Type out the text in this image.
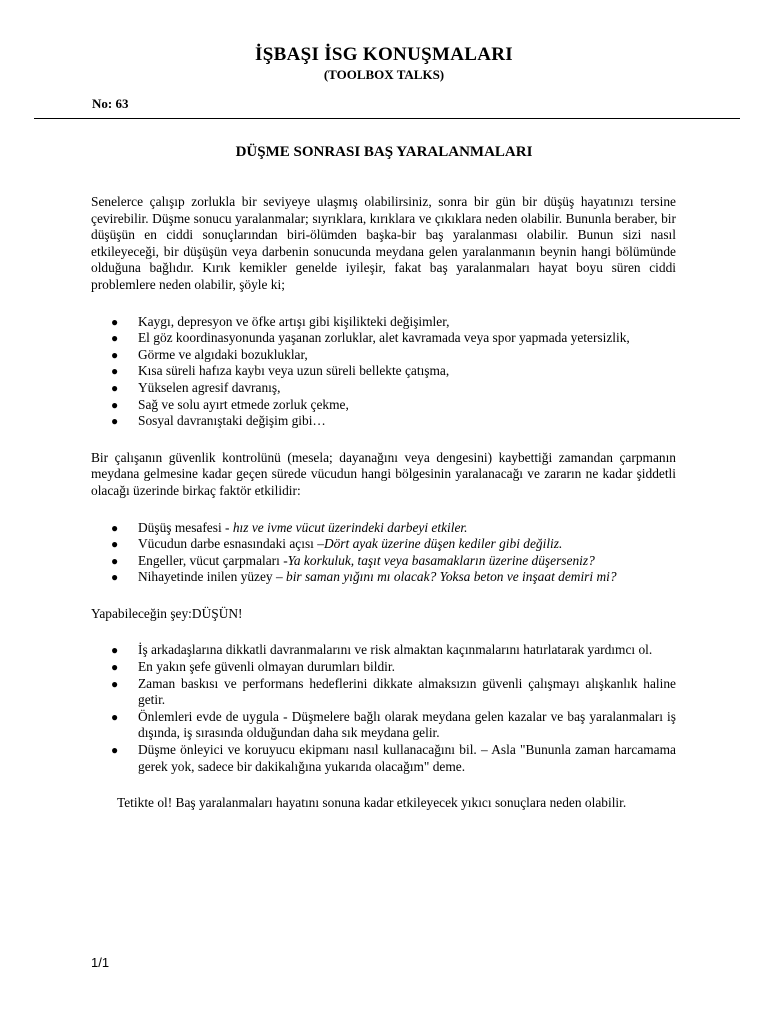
İŞBAŞI İSG KONUŞMALARI
(TOOLBOX TALKS)
No: 63
DÜŞME SONRASI BAŞ YARALANMALARI

Senelerce çalışıp zorlukla bir seviyeye ulaşmış olabilirsiniz, sonra bir gün bir düşüş hayatınızı tersine çevirebilir. Düşme sonucu yaralanmalar; sıyrıklara, kırıklara ve çıkıklara neden olabilir. Bununla beraber, bir düşüşün en ciddi sonuçlarından biri-ölümden başka-bir baş yaralanması olabilir. Bunun sizi nasıl etkileyeceği, bir düşüşün veya darbenin sonucunda meydana gelen yaralanmanın beynin hangi bölümünde olduğuna bağlıdır. Kırık kemikler genelde iyileşir, fakat baş yaralanmaları hayat boyu süren ciddi problemlere neden olabilir, şöyle ki;

● Kaygı, depresyon ve öfke artışı gibi kişilikteki değişimler,
● El göz koordinasyonunda yaşanan zorluklar, alet kavramada veya spor yapmada yetersizlik,
● Görme ve algıdaki bozukluklar,
● Kısa süreli hafıza kaybı veya uzun süreli bellekte çatışma,
● Yükselen agresif davranış,
● Sağ ve solu ayırt etmede zorluk çekme,
● Sosyal davranıştaki değişim gibi…

Bir çalışanın güvenlik kontrolünü (mesela; dayanağını veya dengesini) kaybettiği zamandan çarpmanın meydana gelmesine kadar geçen sürede vücudun hangi bölgesinin yaralanacağı ve zararın ne kadar şiddetli olacağı üzerinde birkaç faktör etkilidir:

● Düşüş mesafesi - hız ve ivme vücut üzerindeki darbeyi etkiler.
● Vücudun darbe esnasındaki açısı –Dört ayak üzerine düşen kediler gibi değiliz.
● Engeller, vücut çarpmaları -Ya korkuluk, taşıt veya basamakların üzerine düşerseniz?
● Nihayetinde inilen yüzey – bir saman yığını mı olacak? Yoksa beton ve inşaat demiri mi?

Yapabileceğin şey:DÜŞÜN!

● İş arkadaşlarına dikkatli davranmalarını ve risk almaktan kaçınmalarını hatırlatarak yardımcı ol.
● En yakın şefe güvenli olmayan durumları bildir.
● Zaman baskısı ve performans hedeflerini dikkate almaksızın güvenli çalışmayı alışkanlık haline getir.
● Önlemleri evde de uygula - Düşmelere bağlı olarak meydana gelen kazalar ve baş yaralanmaları iş dışında, iş sırasında olduğundan daha sık meydana gelir.
● Düşme önleyici ve koruyucu ekipmanı nasıl kullanacağını bil. – Asla "Bununla zaman harcamama gerek yok, sadece bir dakikalığına yukarıda olacağım" deme.

Tetikte ol! Baş yaralanmaları hayatını sonuna kadar etkileyecek yıkıcı sonuçlara neden olabilir.

1/1
